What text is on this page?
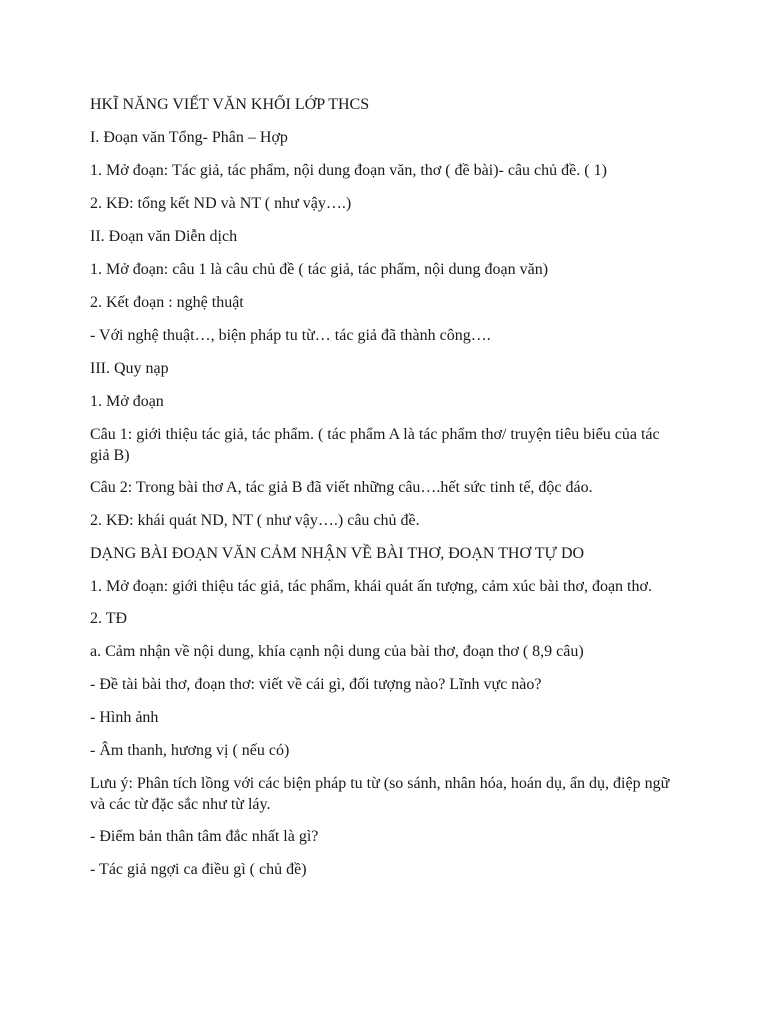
HKĨ NĂNG VIẾT VĂN KHỐI LỚP THCS

I. Đoạn văn Tổng- Phân – Hợp

1. Mở đoạn: Tác giả, tác phẩm, nội dung đoạn văn, thơ ( đề bài)- câu chủ đề. ( 1)

2. KĐ: tổng kết ND và NT ( như vậy….)

II. Đoạn văn Diễn dịch

1. Mở đoạn: câu 1 là câu chủ đề ( tác giả, tác phẩm, nội dung đoạn văn)

2. Kết đoạn : nghệ thuật

- Với nghệ thuật…, biện pháp tu từ… tác giả đã thành công….

III. Quy nạp

1. Mở đoạn

Câu 1: giới thiệu tác giả, tác phẩm. ( tác phẩm A là tác phẩm thơ/ truyện tiêu biểu của tác giả B)

Câu 2: Trong bài thơ A, tác giả B đã viết những câu….hết sức tinh tế, độc đáo.

2. KĐ: khái quát ND, NT ( như vậy….) câu chủ đề.

DẠNG BÀI ĐOẠN VĂN CẢM NHẬN VỀ BÀI THƠ, ĐOẠN THƠ TỰ DO

1. Mở đoạn: giới thiệu tác giả, tác phẩm, khái quát ấn tượng, cảm xúc bài thơ, đoạn thơ.

2. TĐ

a. Cảm nhận về nội dung, khía cạnh nội dung của bài thơ, đoạn thơ ( 8,9 câu)

- Đề tài bài thơ, đoạn thơ: viết về cái gì, đối tượng nào? Lĩnh vực nào?

- Hình ảnh

- Âm thanh, hương vị ( nếu có)

Lưu ý: Phân tích lồng với các biện pháp tu từ (so sánh, nhân hóa, hoán dụ, ẩn dụ, điệp ngữ và các từ đặc sắc như từ láy.

- Điểm bản thân tâm đắc nhất là gì?

- Tác giả ngợi ca điều gì ( chủ đề)
